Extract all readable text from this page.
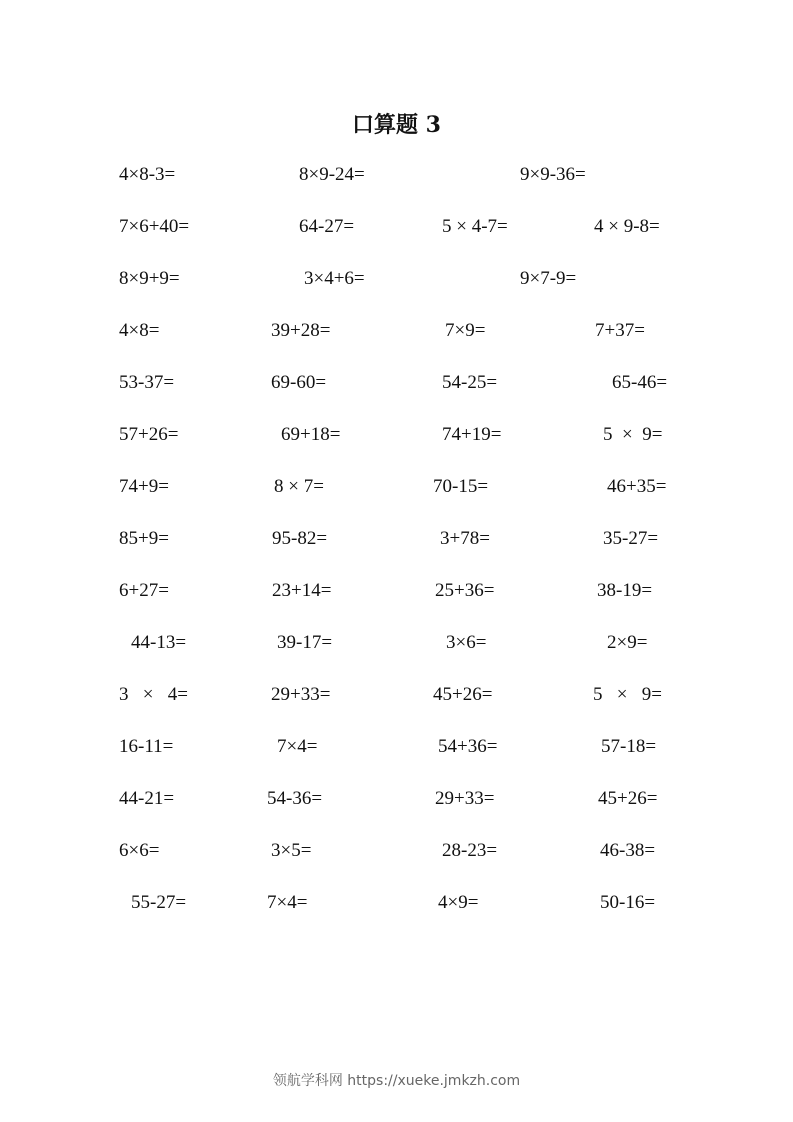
口算题 3
4×8-3=	8×9-24=	9×9-36=
7×6+40=	64-27=	5 × 4-7=	4 × 9-8=
8×9+9=	3×4+6=	9×7-9=
4×8=	39+28=	7×9=	7+37=
53-37=	69-60=	54-25=	65-46=
57+26=	69+18=	74+19=	5  ×  9=
74+9=	8 × 7=	70-15=	46+35=
85+9=	95-82=	3+78=	35-27=
6+27=	23+14=	25+36=	38-19=
44-13=	39-17=	3×6=	2×9=
3   ×   4=	29+33=	45+26=	5   ×   9=
16-11=	7×4=	54+36=	57-18=
44-21=	54-36=	29+33=	45+26=
6×6=	3×5=	28-23=	46-38=
55-27=	7×4=	4×9=	50-16=
领航学科网 https://xueke.jmkzh.com
